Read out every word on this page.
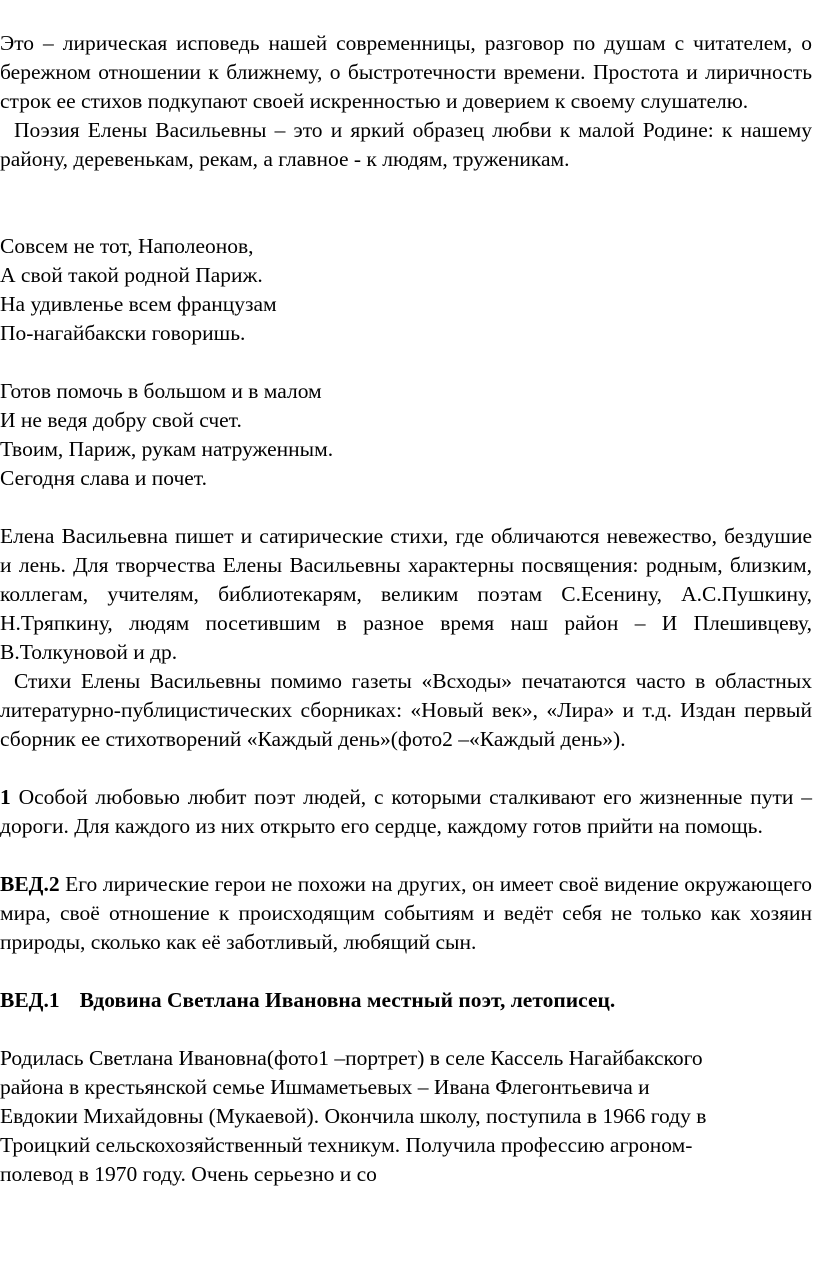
Это – лирическая исповедь нашей современницы, разговор по душам с читателем, о бережном отношении к ближнему, о быстротечности времени. Простота и лиричность строк ее стихов подкупают своей искренностью и доверием к своему слушателю.

Поэзия Елены Васильевны – это и яркий образец любви к малой Родине: к нашему району, деревенькам, рекам, а главное - к людям, труженикам.

Совсем не тот, Наполеонов,
А свой такой родной Париж.
На удивленье всем французам
По-нагайбакски говоришь.
Готов помочь в большом и в малом
И не ведя добру свой счет.
Твоим, Париж, рукам натруженным.
Сегодня слава и почет.

Елена Васильевна пишет и сатирические стихи, где обличаются невежество, бездушие и лень. Для творчества Елены Васильевны характерны посвящения: родным, близким, коллегам, учителям, библиотекарям, великим поэтам С.Есенину, А.С.Пушкину, Н.Тряпкину, людям посетившим в разное время наш район – И Плешивцеву, В.Толкуновой и др.

Стихи Елены Васильевны помимо газеты «Всходы» печатаются часто в областных литературно-публицистических сборниках: «Новый век», «Лира» и т.д. Издан первый сборник ее стихотворений «Каждый день»(фото2 –«Каждый день»).

1 Особой любовью любит поэт людей, с которыми сталкивают его жизненные пути –дороги. Для каждого из них открыто его сердце, каждому готов прийти на помощь.

ВЕД.2 Его лирические герои не похожи на других, он имеет своё видение окружающего мира, своё отношение к происходящим событиям и ведёт себя не только как хозяин природы, сколько как её заботливый, любящий сын.

ВЕД.1 Вдовина Светлана Ивановна местный поэт, летописец.

Родилась Светлана Ивановна(фото1 –портрет) в селе Кассель Нагайбакского
района в крестьянской семье Ишмаметьевых – Ивана Флегонтьевича и
Евдокии Михайдовны (Мукаевой). Окончила школу, поступила в 1966 году в
Троицкий сельскохозяйственный техникум. Получила профессию агроном-
полевод в 1970 году. Очень серьезно и со
